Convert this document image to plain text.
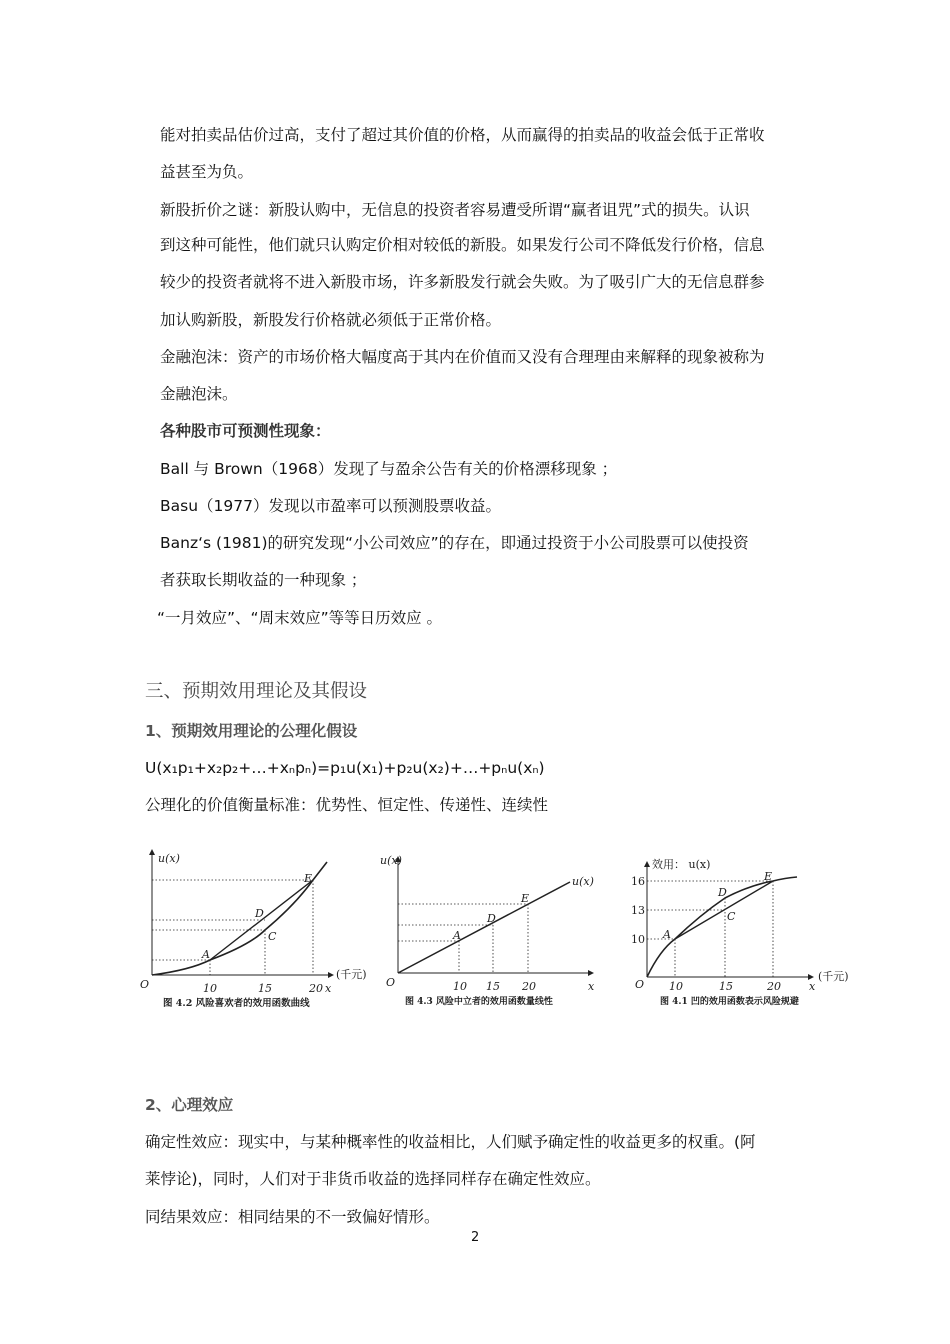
能对拍卖品估价过高，支付了超过其价值的价格，从而赢得的拍卖品的收益会低于正常收
益甚至为负。
新股折价之谜：新股认购中，无信息的投资者容易遭受所谓“赢者诅咒”式的损失。认识
到这种可能性，他们就只认购定价相对较低的新股。如果发行公司不降低发行价格，信息
较少的投资者就将不进入新股市场，许多新股发行就会失败。为了吸引广大的无信息群参
加认购新股，新股发行价格就必须低于正常价格。
金融泡沫：资产的市场价格大幅度高于其内在价值而又没有合理理由来解释的现象被称为
金融泡沫。
各种股市可预测性现象：
Ball 与 Brown（1968）发现了与盈余公告有关的价格漂移现象 ；
Basu（1977）发现以市盈率可以预测股票收益。
Banz‘s (1981)的研究发现“小公司效应”的存在，即通过投资于小公司股票可以使投资
者获取长期收益的一种现象 ；
“一月效应”、“周末效应”等等日历效应 。
三、预期效用理论及其假设
1、预期效用理论的公理化假设
U(x₁p₁+x₂p₂+…+xₙpₙ)=p₁u(x₁)+p₂u(x₂)+…+pₙu(xₙ)
公理化的价值衡量标准：优势性、恒定性、传递性、连续性
u(x)
O	10	15	20 x
(千元)
A
D
C
E
图 4.2 风险喜欢者的效用函数曲线
u(x)
O	10 15 20	x
u(x)
A
D
E
图 4.3 风险中立者的效用函数量线性
效用： u(x)
16
13
10
O 10	15	20	x
(千元)
A
D
C
E
图 4.1 凹的效用函数表示风险规避
2、心理效应
确定性效应：现实中，与某种概率性的收益相比，人们赋予确定性的收益更多的权重。(阿
莱悖论)，同时，人们对于非货币收益的选择同样存在确定性效应。
同结果效应：相同结果的不一致偏好情形。
2
